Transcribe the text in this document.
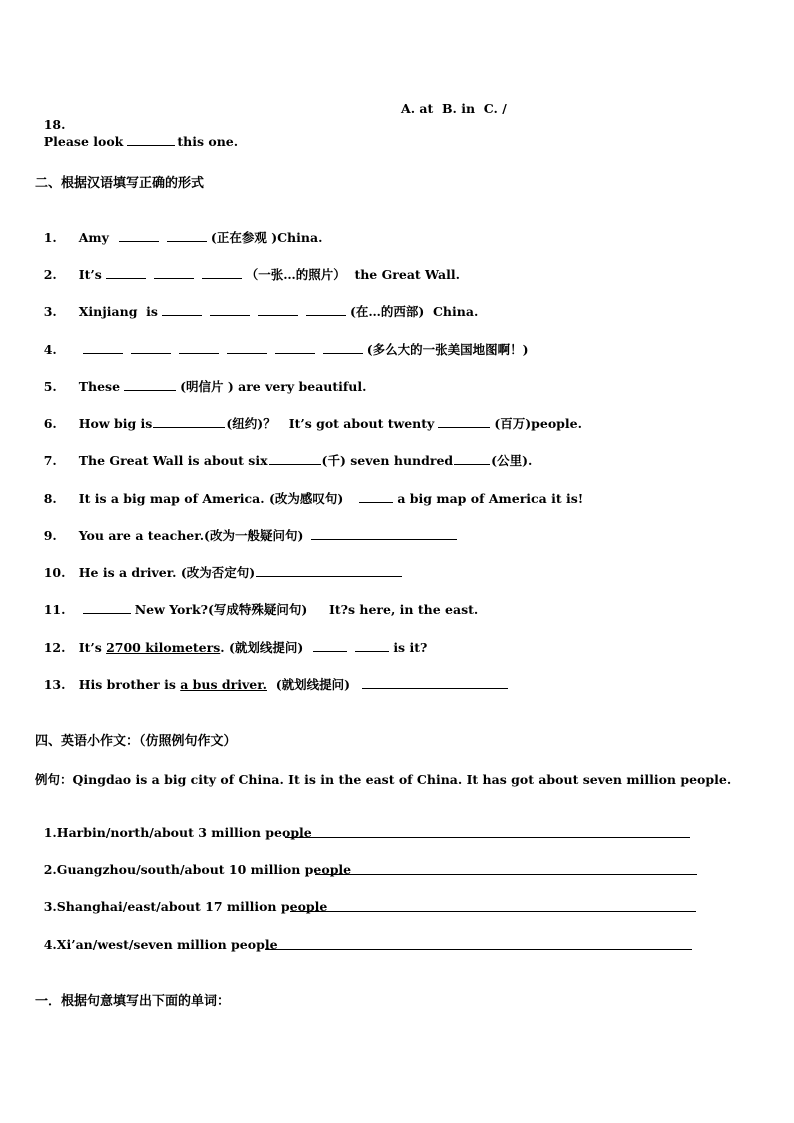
18.
Please look	this one.

A. at  B. in  C. /
二、根据汉语填写正确的形式

1. Amy	(正在参观 )China.

2. It’s	（一张…的照片）  the Great Wall.

3. Xinjiang  is	(在…的西部)  China.

4.	(多么大的一张美国地图啊！)

5. These	(明信片 ) are very beautiful.

6. How big is	(纽约)？   It’s got about twenty	(百万)people.

7. The Great Wall is about six	(千) seven hundred	(公里).

8. It is a big map of America. (改为感叹句)	a big map of America it is!

9. You are a teacher.(改为一般疑问句)

10. He is a driver. (改为否定句)

11.	New York?(写成特殊疑问句)     It?s here, in the east.

12. It’s 2700 kilometers. (就划线提问)	is it?

13. His brother is a bus driver. (就划线提问)

四、英语小作文：（仿照例句作文）
例句：Qingdao is a big city of China. It is in the east of China. It has got about seven million people.

1.Harbin/north/about 3 million people

2.Guangzhou/south/about 10 million people

3.Shanghai/east/about 17 million people

4.Xi’an/west/seven million people

一．根据句意填写出下面的单词：
